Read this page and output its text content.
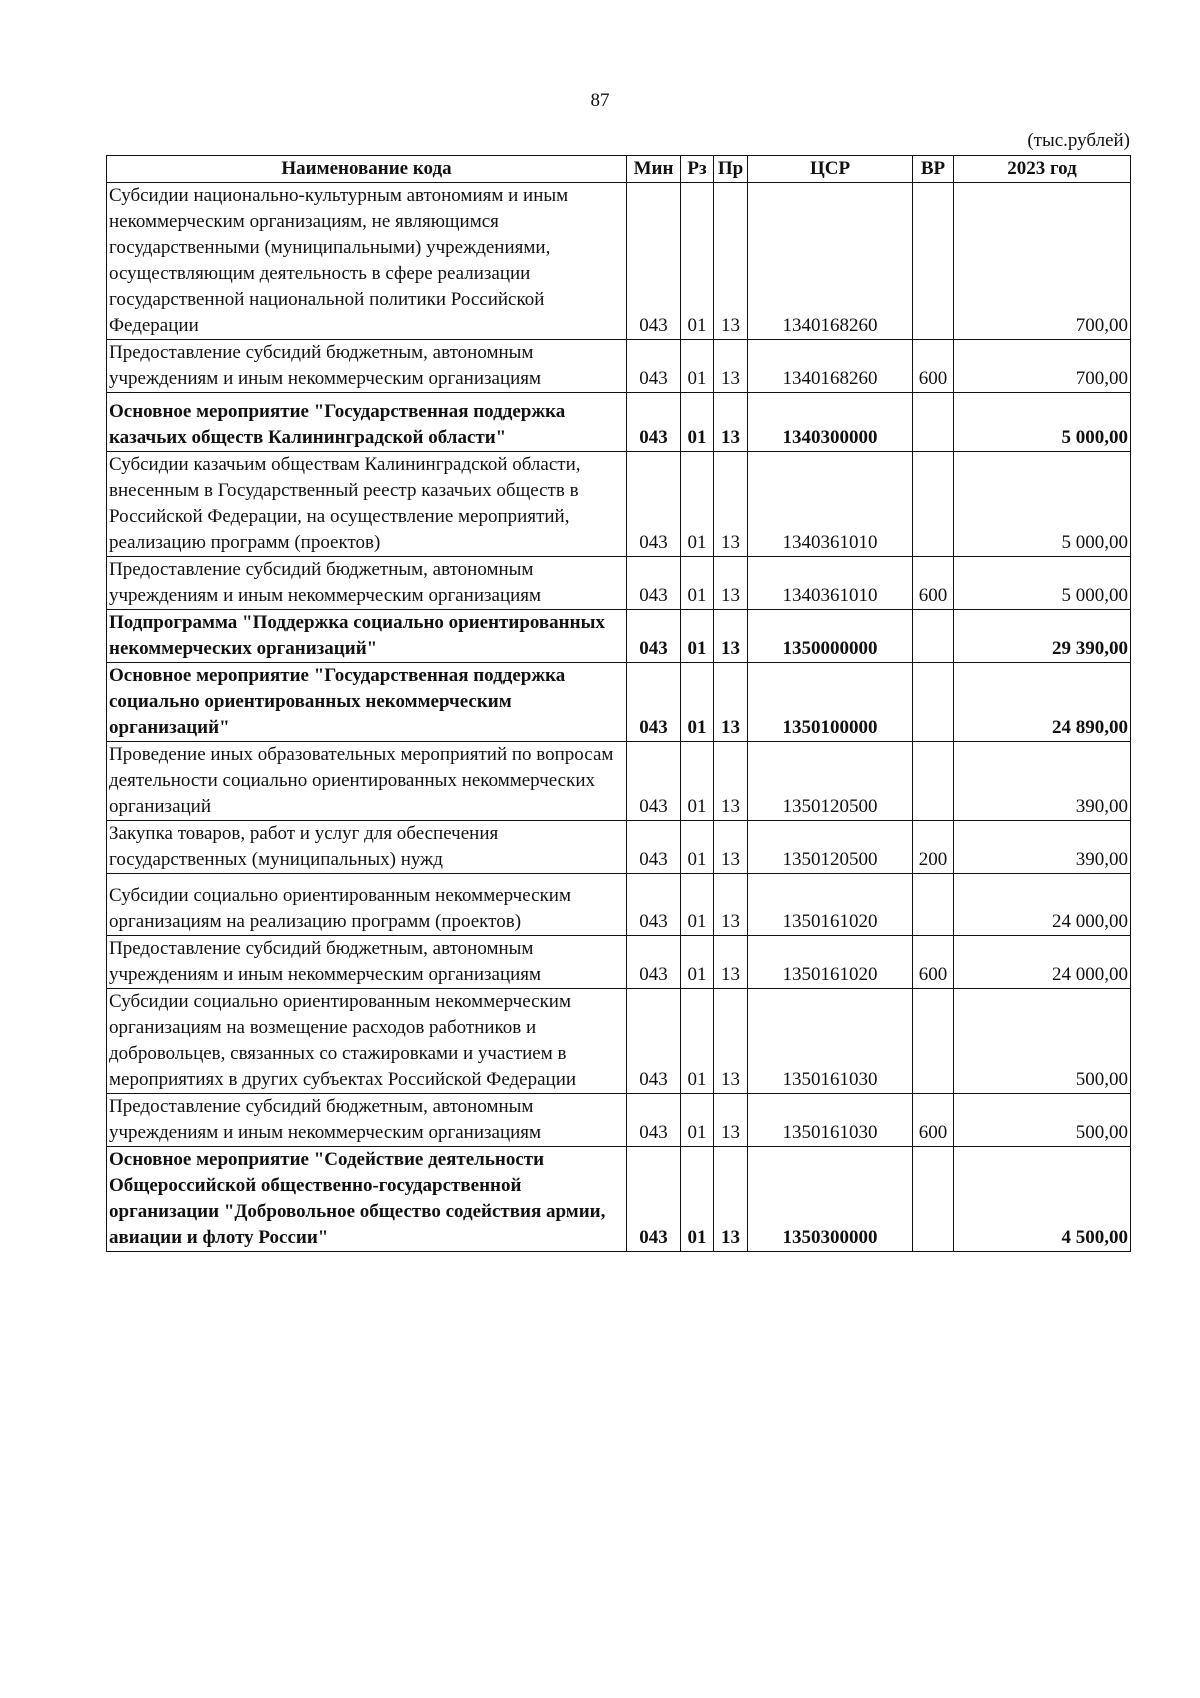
87
(тыс.рублей)
Наименование кода	Мин	Рз	Пр	ЦСР	ВР	2023 год
Субсидии национально-культурным автономиям и иным некоммерческим организациям, не являющимся государственными (муниципальными) учреждениями, осуществляющим деятельность в сфере реализации государственной национальной политики Российской Федерации	043	01	13	1340168260		700,00
Предоставление субсидий бюджетным, автономным учреждениям и иным некоммерческим организациям	043	01	13	1340168260	600	700,00
Основное мероприятие "Государственная поддержка казачьих обществ Калининградской области"	043	01	13	1340300000		5 000,00
Субсидии казачьим обществам Калининградской области, внесенным в Государственный реестр казачьих обществ в Российской Федерации, на осуществление мероприятий, реализацию программ (проектов)	043	01	13	1340361010		5 000,00
Предоставление субсидий бюджетным, автономным учреждениям и иным некоммерческим организациям	043	01	13	1340361010	600	5 000,00
Подпрограмма "Поддержка социально ориентированных некоммерческих организаций"	043	01	13	1350000000		29 390,00
Основное мероприятие "Государственная поддержка социально ориентированных некоммерческим организаций"	043	01	13	1350100000		24 890,00
Проведение иных образовательных мероприятий по вопросам деятельности социально ориентированных некоммерческих организаций	043	01	13	1350120500		390,00
Закупка товаров, работ и услуг для обеспечения государственных (муниципальных) нужд	043	01	13	1350120500	200	390,00
Субсидии социально ориентированным некоммерческим организациям на реализацию программ (проектов)	043	01	13	1350161020		24 000,00
Предоставление субсидий бюджетным, автономным учреждениям и иным некоммерческим организациям	043	01	13	1350161020	600	24 000,00
Субсидии социально ориентированным некоммерческим организациям на возмещение расходов работников и добровольцев, связанных со стажировками и участием в мероприятиях в других субъектах Российской Федерации	043	01	13	1350161030		500,00
Предоставление субсидий бюджетным, автономным учреждениям и иным некоммерческим организациям	043	01	13	1350161030	600	500,00
Основное мероприятие "Содействие деятельности Общероссийской общественно-государственной организации "Добровольное общество содействия армии, авиации и флоту России"	043	01	13	1350300000		4 500,00
